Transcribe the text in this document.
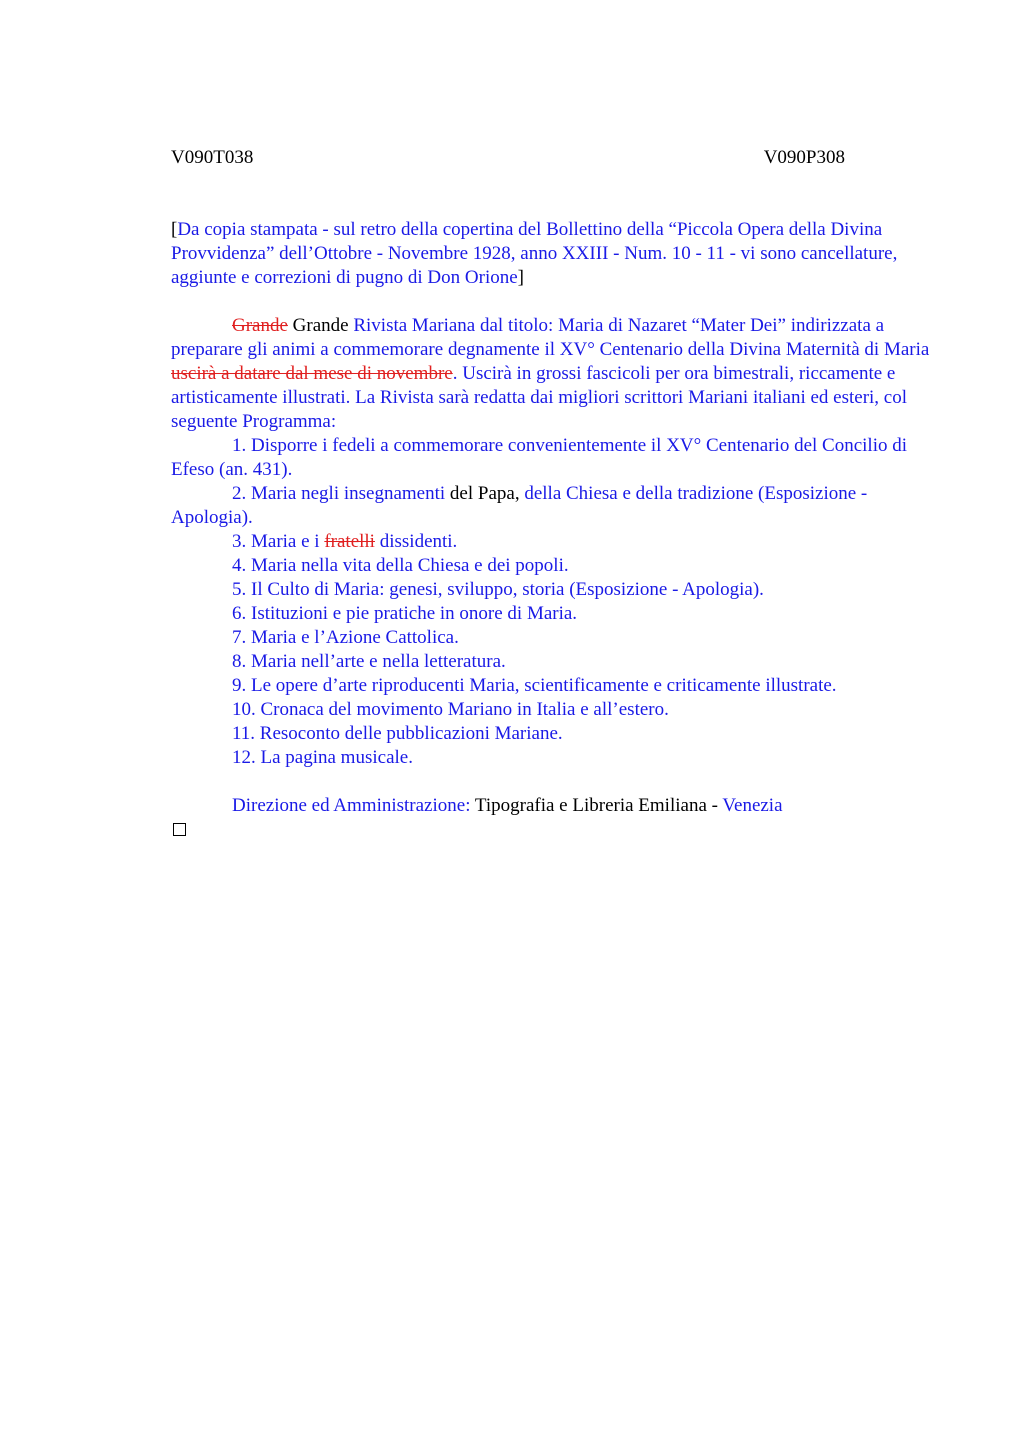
V090T038	V090P308
[Da copia stampata - sul retro della copertina del Bollettino della “Piccola Opera della Divina Provvidenza” dell’Ottobre - Novembre 1928, anno XXIII - Num. 10 - 11 - vi sono cancellature, aggiunte e correzioni di pugno di Don Orione]
Grande Grande Rivista Mariana dal titolo: Maria di Nazaret “Mater Dei” indirizzata a preparare gli animi a commemorare degnamente il XV° Centenario della Divina Maternità di Maria uscirà a datare dal mese di novembre. Uscirà in grossi fascicoli per ora bimestrali, riccamente e artisticamente illustrati. La Rivista sarà redatta dai migliori scrittori Mariani italiani ed esteri, col seguente Programma:
1. Disporre i fedeli a commemorare convenientemente il XV° Centenario del Concilio di Efeso (an. 431).
2. Maria negli insegnamenti del Papa, della Chiesa e della tradizione (Esposizione - Apologia).
3. Maria e i fratelli dissidenti.
4. Maria nella vita della Chiesa e dei popoli.
5. Il Culto di Maria: genesi, sviluppo, storia (Esposizione - Apologia).
6. Istituzioni e pie pratiche in onore di Maria.
7. Maria e l’Azione Cattolica.
8. Maria nell’arte e nella letteratura.
9. Le opere d’arte riproducenti Maria, scientificamente e criticamente illustrate.
10. Cronaca del movimento Mariano in Italia e all’estero.
11. Resoconto delle pubblicazioni Mariane.
12. La pagina musicale.
Direzione ed Amministrazione: Tipografia e Libreria Emiliana - Venezia
